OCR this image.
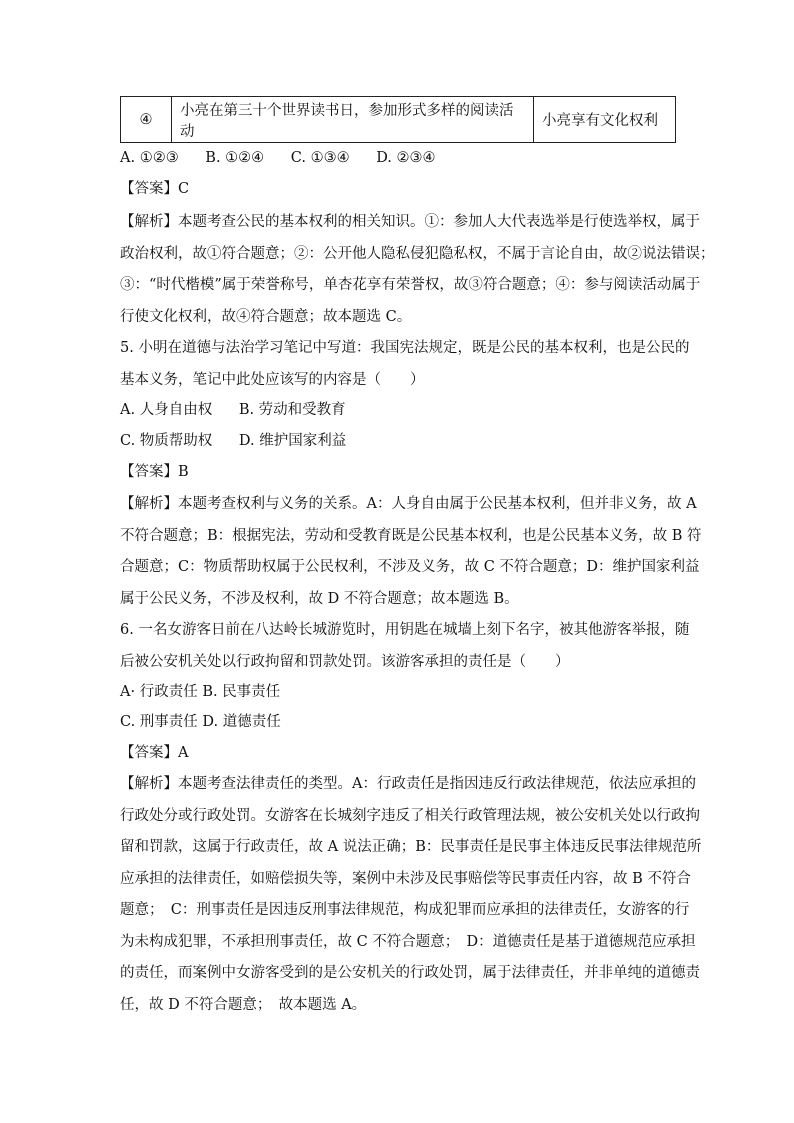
④	小亮在第三十个世界读书日，参加形式多样的阅读活动	小亮享有文化权利
A. ①②③ B. ①②④ C. ①③④ D. ②③④
【答案】C
【解析】本题考查公民的基本权利的相关知识。①：参加人大代表选举是行使选举权，属于
政治权利，故①符合题意；②：公开他人隐私侵犯隐私权，不属于言论自由，故②说法错误；
③：“时代楷模”属于荣誉称号，单杏花享有荣誉权，故③符合题意；④：参与阅读活动属于
行使文化权利，故④符合题意；故本题选 C。
5. 小明在道德与法治学习笔记中写道：我国宪法规定，既是公民的基本权利，也是公民的
基本义务，笔记中此处应该写的内容是（　　）
A. 人身自由权 B. 劳动和受教育
C. 物质帮助权 D. 维护国家利益
【答案】B
【解析】本题考查权利与义务的关系。A：人身自由属于公民基本权利，但并非义务，故 A
不符合题意；B：根据宪法，劳动和受教育既是公民基本权利，也是公民基本义务，故 B 符
合题意；C：物质帮助权属于公民权利，不涉及义务，故 C 不符合题意；D：维护国家利益
属于公民义务，不涉及权利，故 D 不符合题意；故本题选 B。
6. 一名女游客日前在八达岭长城游览时，用钥匙在城墙上刻下名字，被其他游客举报，随
后被公安机关处以行政拘留和罚款处罚。该游客承担的责任是（　　）
A· 行政责任 B. 民事责任
C. 刑事责任 D. 道德责任
【答案】A
【解析】本题考查法律责任的类型。A：行政责任是指因违反行政法律规范，依法应承担的
行政处分或行政处罚。女游客在长城刻字违反了相关行政管理法规，被公安机关处以行政拘
留和罚款，这属于行政责任，故 A 说法正确；B：民事责任是民事主体违反民事法律规范所
应承担的法律责任，如赔偿损失等，案例中未涉及民事赔偿等民事责任内容，故 B 不符合
题意；　C：刑事责任是因违反刑事法律规范，构成犯罪而应承担的法律责任，女游客的行
为未构成犯罪，不承担刑事责任，故 C 不符合题意；　D：道德责任是基于道德规范应承担
的责任，而案例中女游客受到的是公安机关的行政处罚，属于法律责任，并非单纯的道德责
任，故 D 不符合题意；　故本题选 A。
